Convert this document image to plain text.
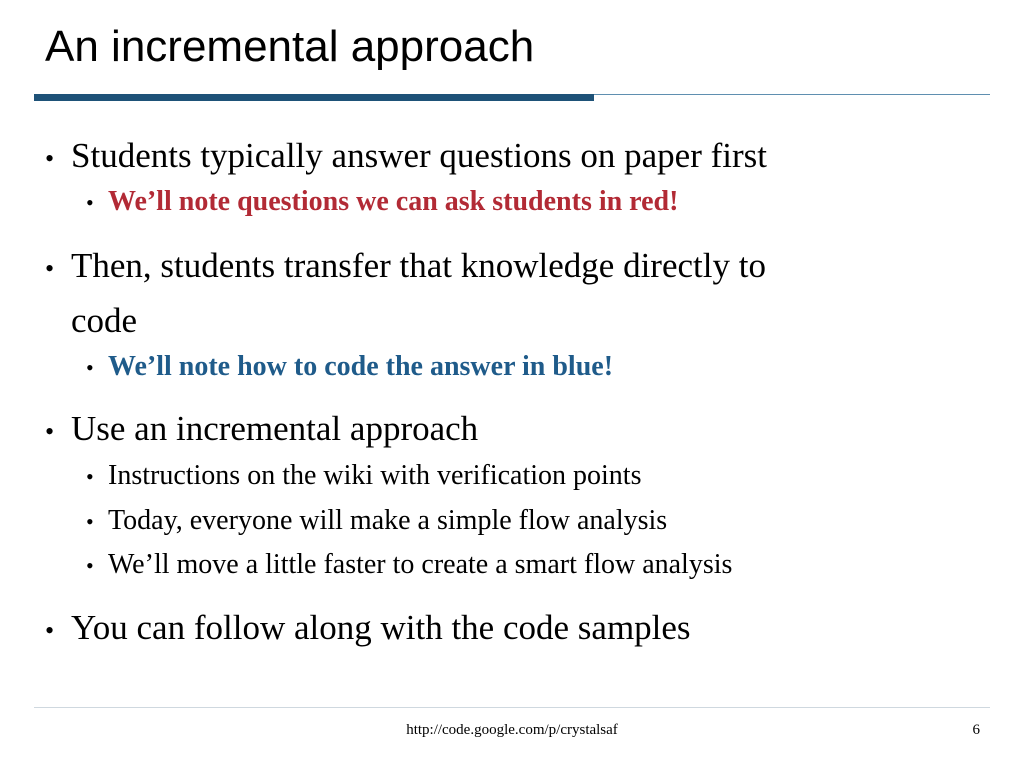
An incremental approach
• Students typically answer questions on paper first
• We’ll note questions we can ask students in red!
• Then, students transfer that knowledge directly to
code
• We’ll note how to code the answer in blue!
• Use an incremental approach
• Instructions on the wiki with verification points
• Today, everyone will make a simple flow analysis
• We’ll move a little faster to create a smart flow analysis
• You can follow along with the code samples
http://code.google.com/p/crystalsaf	6
